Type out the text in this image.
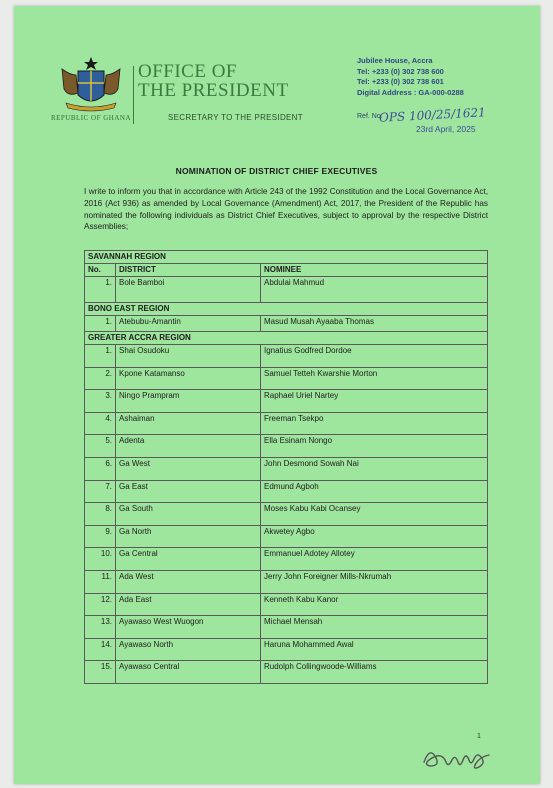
REPUBLIC OF GHANA
OFFICE OF
THE PRESIDENT
SECRETARY TO THE PRESIDENT
Jubilee House, Accra
Tel: +233 (0) 302 738 600
Tel: +233 (0) 302 738 601
Digital Address : GA-000-0288
Ref. No.
OPS 100/25/1621
23rd April, 2025
NOMINATION OF DISTRICT CHIEF EXECUTIVES
I write to inform you that in accordance with Article 243 of the 1992 Constitution and the Local Governance Act, 2016 (Act 936) as amended by Local Governance (Amendment) Act, 2017, the President of the Republic has nominated the following individuals as District Chief Executives, subject to approval by the respective District Assemblies;
SAVANNAH REGION		
No.	DISTRICT	NOMINEE
1.	Bole Bamboi	Abdulai Mahmud
BONO EAST REGION		
1.	Atebubu-Amantin	Masud Musah Ayaaba Thomas
GREATER ACCRA REGION		
1.	Shai Osudoku	Ignatius Godfred Dordoe
2.	Kpone Katamanso	Samuel Tetteh Kwarshie Morton
3.	Ningo Prampram	Raphael Uriel Nartey
4.	Ashaiman	Freeman Tsekpo
5.	Adenta	Ella Esinam Nongo
6.	Ga West	John Desmond Sowah Nai
7.	Ga East	Edmund Agboh
8.	Ga South	Moses Kabu Kabi Ocansey
9.	Ga North	Akwetey Agbo
10.	Ga Central	Emmanuel Adotey Allotey
11.	Ada West	Jerry John Foreigner Mills-Nkrumah
12.	Ada East	Kenneth Kabu Kanor
13.	Ayawaso West Wuogon	Michael Mensah
14.	Ayawaso North	Haruna Mohammed Awal
15.	Ayawaso Central	Rudolph Collingwoode-Williams
1
